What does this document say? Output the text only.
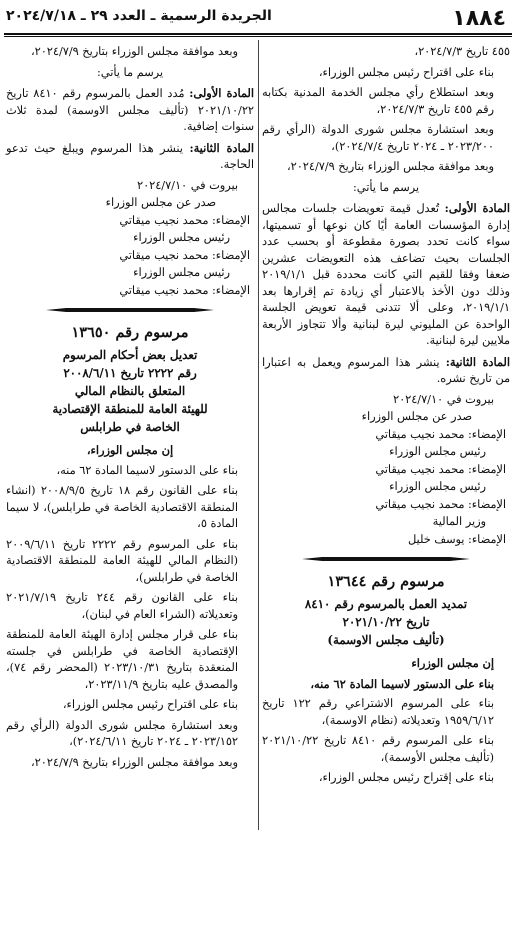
١٨٨٤
الجريدة الرسمية ـ العدد ٢٩ ـ ٢٠٢٤/٧/١٨

٤٥٥ تاريخ ٢٠٢٤/٧/٣،

بناء على اقتراح رئيس مجلس الوزراء،

وبعد استطلاع رأي مجلس الخدمة المدنية بكتابه رقم ٤٥٥ تاريخ ٢٠٢٤/٧/٣،

وبعد استشارة مجلس شورى الدولة (الرأي رقم ٢٠٢٣/٢٠٠ ـ ٢٠٢٤ تاريخ ٢٠٢٤/٧/٤)،

وبعد موافقة مجلس الوزراء بتاريخ ٢٠٢٤/٧/٩،

يرسم ما يأتي:

المادة الأولى: تُعدل قيمة تعويضات جلسات مجالس إدارة المؤسسات العامة أيًا كان نوعها أو تسميتها، سواء كانت تحدد بصورة مقطوعة أو بحسب عدد الجلسات بحيث تضاعف هذه التعويضات عشرين ضعفا وفقا للقيم التي كانت محددة قبل ٢٠١٩/١/١ وذلك دون الأخذ بالاعتبار أي زيادة تم إقرارها بعد ٢٠١٩/١/١، وعلى ألا تتدنى قيمة تعويض الجلسة الواحدة عن المليوني ليرة لبنانية وألا تتجاوز الأربعة ملايين ليرة لبنانية.

المادة الثانية: ينشر هذا المرسوم ويعمل به اعتبارا من تاريخ نشره.

بيروت في ٢٠٢٤/٧/١٠

صدر عن مجلس الوزراء

الإمضاء: محمد نجيب ميقاتي

رئيس مجلس الوزراء

الإمضاء: محمد نجيب ميقاتي

رئيس مجلس الوزراء

الإمضاء: محمد نجيب ميقاتي

وزير المالية

الإمضاء: يوسف خليل

مرسوم رقم ١٣٦٤٤
تمديد العمل بالمرسوم رقم ٨٤١٠
تاريخ ٢٠٢١/١٠/٢٢
(تأليف مجلس الاوسمة)

إن مجلس الوزراء

بناء على الدستور لاسيما المادة ٦٢ منه،

بناء على المرسوم الاشتراعي رقم ١٢٢ تاريخ ١٩٥٩/٦/١٢ وتعديلاته (نظام الاوسمة)،

بناء على المرسوم رقم ٨٤١٠ تاريخ ٢٠٢١/١٠/٢٢ (تأليف مجلس الأوسمة)،

بناء على إقتراح رئيس مجلس الوزراء،

وبعد موافقة مجلس الوزراء بتاريخ ٢٠٢٤/٧/٩،

يرسم ما يأتي:

المادة الأولى: مُدد العمل بالمرسوم رقم ٨٤١٠ تاريخ ٢٠٢١/١٠/٢٢ (تأليف مجلس الاوسمة) لمدة ثلاث سنوات إضافية.

المادة الثانية: ينشر هذا المرسوم ويبلغ حيث تدعو الحاجة.

بيروت في ٢٠٢٤/٧/١٠

صدر عن مجلس الوزراء

الإمضاء: محمد نجيب ميقاتي

رئيس مجلس الوزراء

الإمضاء: محمد نجيب ميقاتي

رئيس مجلس الوزراء

الإمضاء: محمد نجيب ميقاتي

مرسوم رقم ١٣٦٥٠
تعديل بعض أحكام المرسوم
رقم ٢٢٢٢ تاريخ ٢٠٠٨/٦/١١
المتعلق بالنظام المالي
للهيئة العامة للمنطقة الإقتصادية
الخاصة في طرابلس

إن مجلس الوزراء،

بناء على الدستور لاسيما المادة ٦٢ منه،

بناء على القانون رقم ١٨ تاريخ ٢٠٠٨/٩/٥ (انشاء المنطقة الاقتصادية الخاصة في طرابلس)، لا سيما المادة ٥،

بناء على المرسوم رقم ٢٢٢٢ تاريخ ٢٠٠٩/٦/١١ (النظام المالي للهيئة العامة للمنطقة الاقتصادية الخاصة في طرابلس)،

بناء على القانون رقم ٢٤٤ تاريخ ٢٠٢١/٧/١٩ وتعديلاته (الشراء العام في لبنان)،

بناء على قرار مجلس إدارة الهيئة العامة للمنطقة الإقتصادية الخاصة في طرابلس في جلسته المنعقدة بتاريخ ٢٠٢٣/١٠/٣١ (المحضر رقم ٧٤)، والمصدق عليه بتاريخ ٢٠٢٣/١١/٩،

بناء على اقتراح رئيس مجلس الوزراء،

وبعد استشارة مجلس شورى الدولة (الرأي رقم ٢٠٢٣/١٥٢ ـ ٢٠٢٤ تاريخ ٢٠٢٤/٦/١١)،

وبعد موافقة مجلس الوزراء بتاريخ ٢٠٢٤/٧/٩،
